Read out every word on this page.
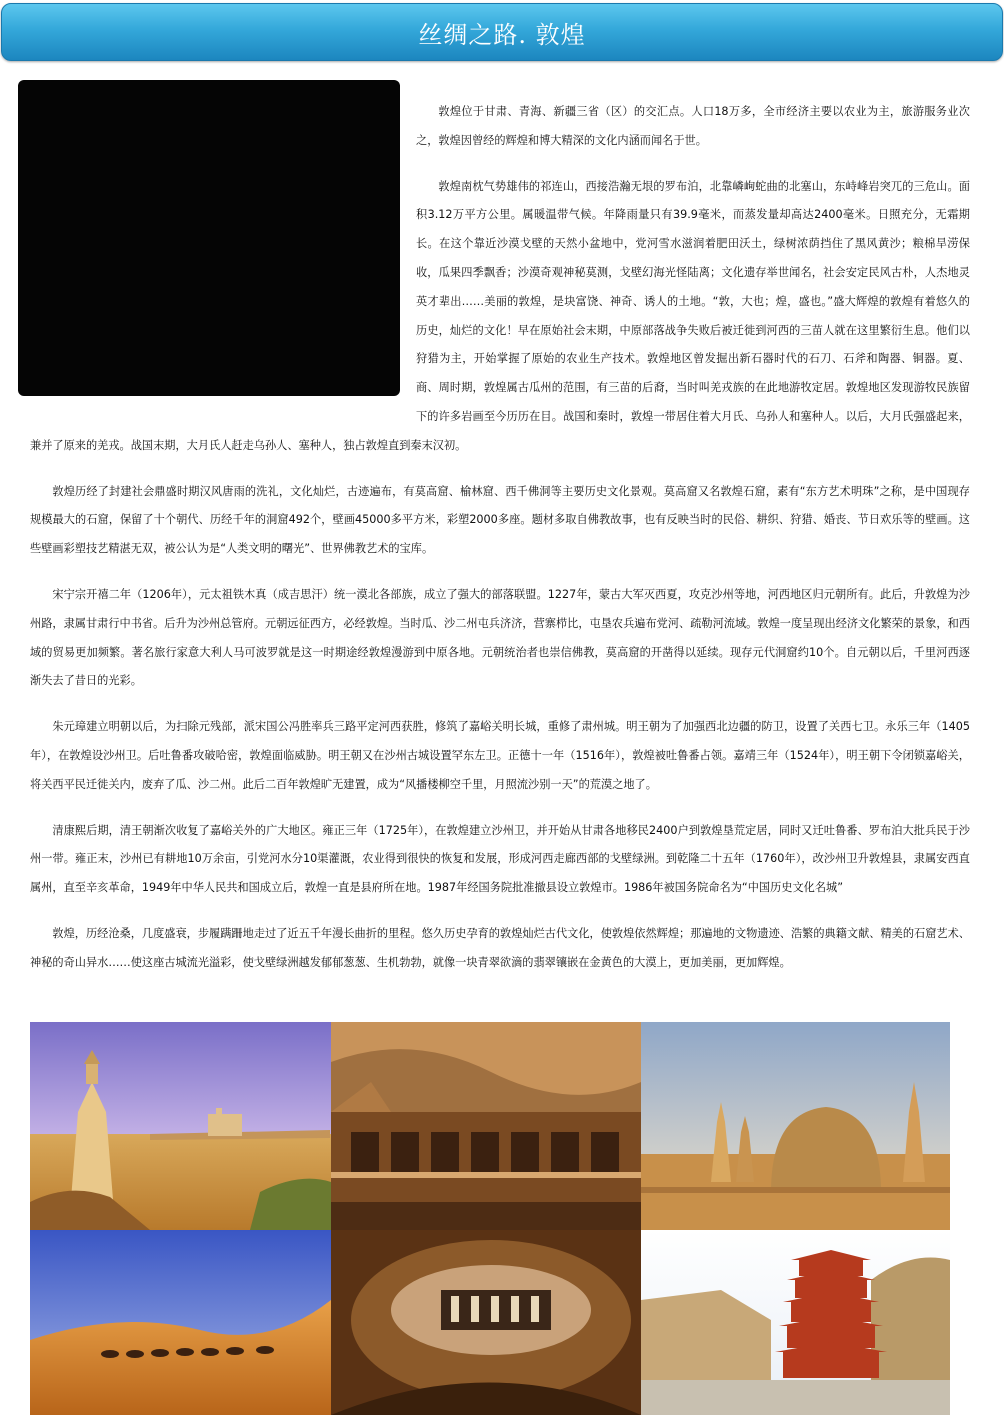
丝绸之路. 敦煌

敦煌位于甘肃、青海、新疆三省（区）的交汇点。人口18万多，全市经济主要以农业为主，旅游服务业次之，敦煌因曾经的辉煌和博大精深的文化内涵而闻名于世。

敦煌南枕气势雄伟的祁连山，西接浩瀚无垠的罗布泊，北靠嶙峋蛇曲的北塞山，东峙峰岩突兀的三危山。面积3.12万平方公里。属暖温带气候。年降雨量只有39.9毫米，而蒸发量却高达2400毫米。日照充分，无霜期长。在这个靠近沙漠戈壁的天然小盆地中，党河雪水滋润着肥田沃土，绿树浓荫挡住了黑风黄沙；粮棉旱涝保收，瓜果四季飘香；沙漠奇观神秘莫测，戈壁幻海光怪陆离；文化遗存举世闻名，社会安定民风古朴，人杰地灵英才辈出……美丽的敦煌，是块富饶、神奇、诱人的土地。“敦，大也；煌，盛也。”盛大辉煌的敦煌有着悠久的历史，灿烂的文化！早在原始社会末期，中原部落战争失败后被迁徙到河西的三苗人就在这里繁衍生息。他们以狩猎为主，开始掌握了原始的农业生产技术。敦煌地区曾发掘出新石器时代的石刀、石斧和陶器、铜器。夏、商、周时期，敦煌属古瓜州的范围，有三苗的后裔，当时叫羌戎族的在此地游牧定居。敦煌地区发现游牧民族留下的许多岩画至今历历在目。战国和秦时，敦煌一带居住着大月氏、乌孙人和塞种人。以后，大月氏强盛起来，兼并了原来的羌戎。战国末期，大月氏人赶走乌孙人、塞种人，独占敦煌直到秦末汉初。

敦煌历经了封建社会鼎盛时期汉风唐雨的洗礼，文化灿烂，古迹遍布，有莫高窟、榆林窟、西千佛洞等主要历史文化景观。莫高窟又名敦煌石窟，素有“东方艺术明珠”之称，是中国现存规模最大的石窟，保留了十个朝代、历经千年的洞窟492个，壁画45000多平方米，彩塑2000多座。题材多取自佛教故事，也有反映当时的民俗、耕织、狩猎、婚丧、节日欢乐等的壁画。这些壁画彩塑技艺精湛无双，被公认为是“人类文明的曙光”、世界佛教艺术的宝库。

宋宁宗开禧二年（1206年），元太祖铁木真（成吉思汗）统一漠北各部族，成立了强大的部落联盟。1227年，蒙古大军灭西夏，攻克沙州等地，河西地区归元朝所有。此后，升敦煌为沙州路，隶属甘肃行中书省。后升为沙州总管府。元朝远征西方，必经敦煌。当时瓜、沙二州屯兵济济，营寨栉比，屯垦农兵遍布党河、疏勒河流域。敦煌一度呈现出经济文化繁荣的景象，和西域的贸易更加频繁。著名旅行家意大利人马可波罗就是这一时期途经敦煌漫游到中原各地。元朝统治者也崇信佛教，莫高窟的开凿得以延续。现存元代洞窟约10个。自元朝以后，千里河西逐渐失去了昔日的光彩。

朱元璋建立明朝以后，为扫除元残部，派宋国公冯胜率兵三路平定河西获胜，修筑了嘉峪关明长城，重修了肃州城。明王朝为了加强西北边疆的防卫，设置了关西七卫。永乐三年（1405年），在敦煌设沙州卫。后吐鲁番攻破哈密，敦煌面临威胁。明王朝又在沙州古城设置罕东左卫。正德十一年（1516年），敦煌被吐鲁番占领。嘉靖三年（1524年），明王朝下令闭锁嘉峪关，将关西平民迁徙关内，废弃了瓜、沙二州。此后二百年敦煌旷无建置，成为“风播楼柳空千里，月照流沙别一天”的荒漠之地了。

清康熙后期，清王朝渐次收复了嘉峪关外的广大地区。雍正三年（1725年），在敦煌建立沙州卫，并开始从甘肃各地移民2400户到敦煌垦荒定居，同时又迁吐鲁番、罗布泊大批兵民于沙州一带。雍正末，沙州已有耕地10万余亩，引党河水分10渠灌溉，农业得到很快的恢复和发展，形成河西走廊西部的戈壁绿洲。到乾隆二十五年（1760年），改沙州卫升敦煌县，隶属安西直属州，直至辛亥革命，1949年中华人民共和国成立后，敦煌一直是县府所在地。1987年经国务院批准撤县设立敦煌市。1986年被国务院命名为“中国历史文化名城”

敦煌，历经沧桑，几度盛衰，步履蹒跚地走过了近五千年漫长曲折的里程。悠久历史孕育的敦煌灿烂古代文化，使敦煌依然辉煌；那遍地的文物遗迹、浩繁的典籍文献、精美的石窟艺术、神秘的奇山异水……使这座古城流光溢彩，使戈壁绿洲越发郁郁葱葱、生机勃勃，就像一块青翠欲滴的翡翠镶嵌在金黄色的大漠上，更加美丽，更加辉煌。
